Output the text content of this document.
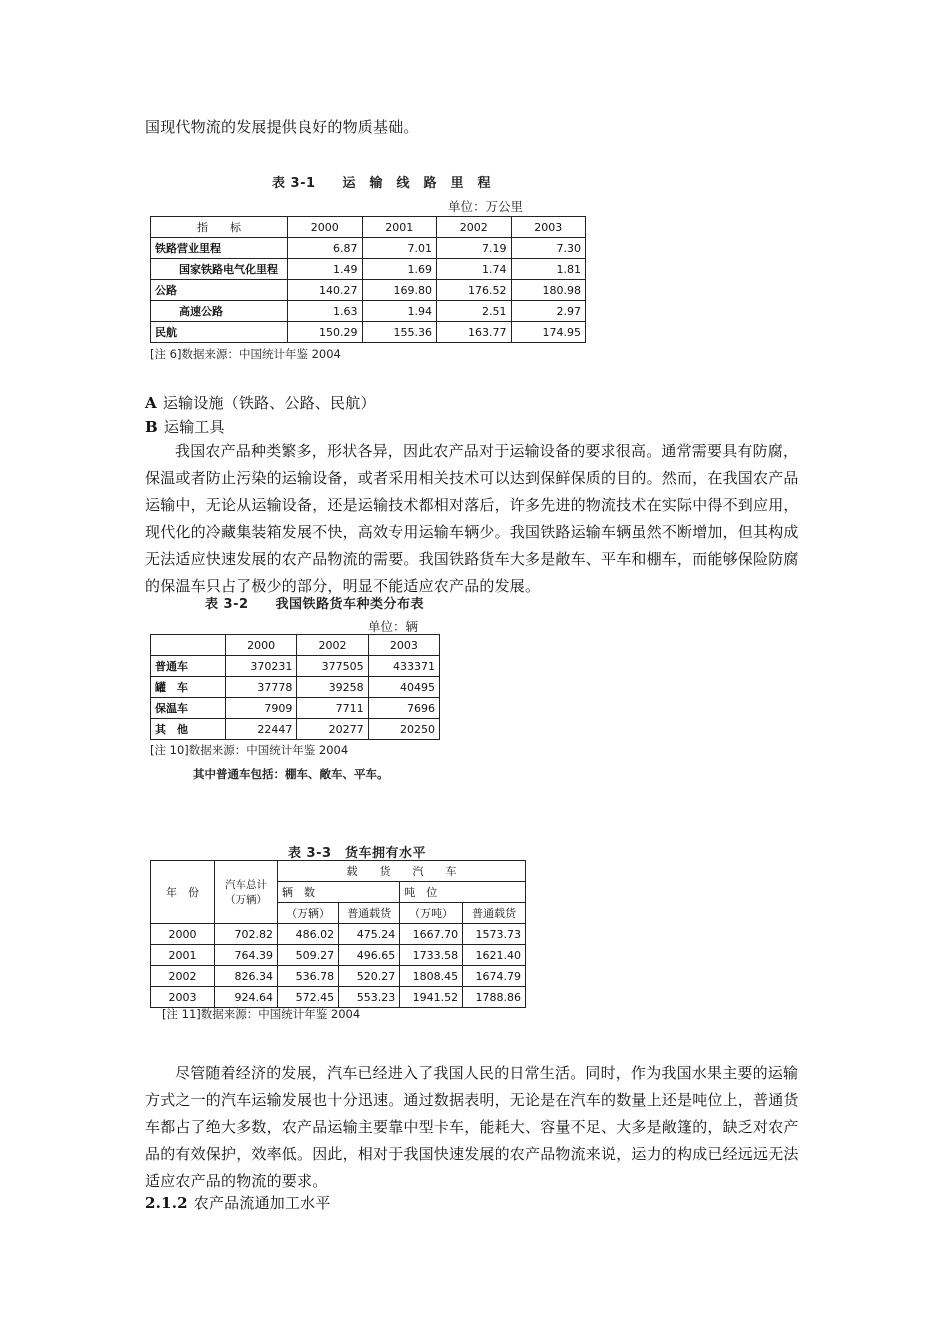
国现代物流的发展提供良好的物质基础。
表 3-1　　运　输　线　路　里　程
单位：万公里
指　　标	2000	2001	2002	2003
铁路营业里程	6.87	7.01	7.19	7.30
国家铁路电气化里程	1.49	1.69	1.74	1.81
公路	140.27	169.80	176.52	180.98
高速公路	1.63	1.94	2.51	2.97
民航	150.29	155.36	163.77	174.95
[注 6]数据来源：中国统计年鉴 2004
A 运输设施（铁路、公路、民航）
B 运输工具
我国农产品种类繁多，形状各异，因此农产品对于运输设备的要求很高。通常需要具有防腐，保温或者防止污染的运输设备，或者采用相关技术可以达到保鲜保质的目的。然而，在我国农产品运输中，无论从运输设备，还是运输技术都相对落后，许多先进的物流技术在实际中得不到应用，现代化的冷藏集装箱发展不快，高效专用运输车辆少。我国铁路运输车辆虽然不断增加，但其构成无法适应快速发展的农产品物流的需要。我国铁路货车大多是敞车、平车和棚车，而能够保险防腐的保温车只占了极少的部分，明显不能适应农产品的发展。
表 3-2　　我国铁路货车种类分布表
单位：辆
	2000	2002	2003
普通车	370231	377505	433371
罐　车	37778	39258	40495
保温车	7909	7711	7696
其　他	22447	20277	20250
[注 10]数据来源：中国统计年鉴 2004
其中普通车包括：棚车、敞车、平车。
表 3-3　货车拥有水平
年　份	汽车总计（万辆）	载　　货　　汽　　车			
		辆　数		吨　位	
		（万辆）	普通载货	（万吨）	普通载货
2000	702.82	486.02	475.24	1667.70	1573.73
2001	764.39	509.27	496.65	1733.58	1621.40
2002	826.34	536.78	520.27	1808.45	1674.79
2003	924.64	572.45	553.23	1941.52	1788.86
[注 11]数据来源：中国统计年鉴 2004
尽管随着经济的发展，汽车已经进入了我国人民的日常生活。同时，作为我国水果主要的运输方式之一的汽车运输发展也十分迅速。通过数据表明，无论是在汽车的数量上还是吨位上，普通货车都占了绝大多数，农产品运输主要靠中型卡车，能耗大、容量不足、大多是敞篷的，缺乏对农产品的有效保护，效率低。因此，相对于我国快速发展的农产品物流来说，运力的构成已经远远无法适应农产品的物流的要求。
2.1.2 农产品流通加工水平
